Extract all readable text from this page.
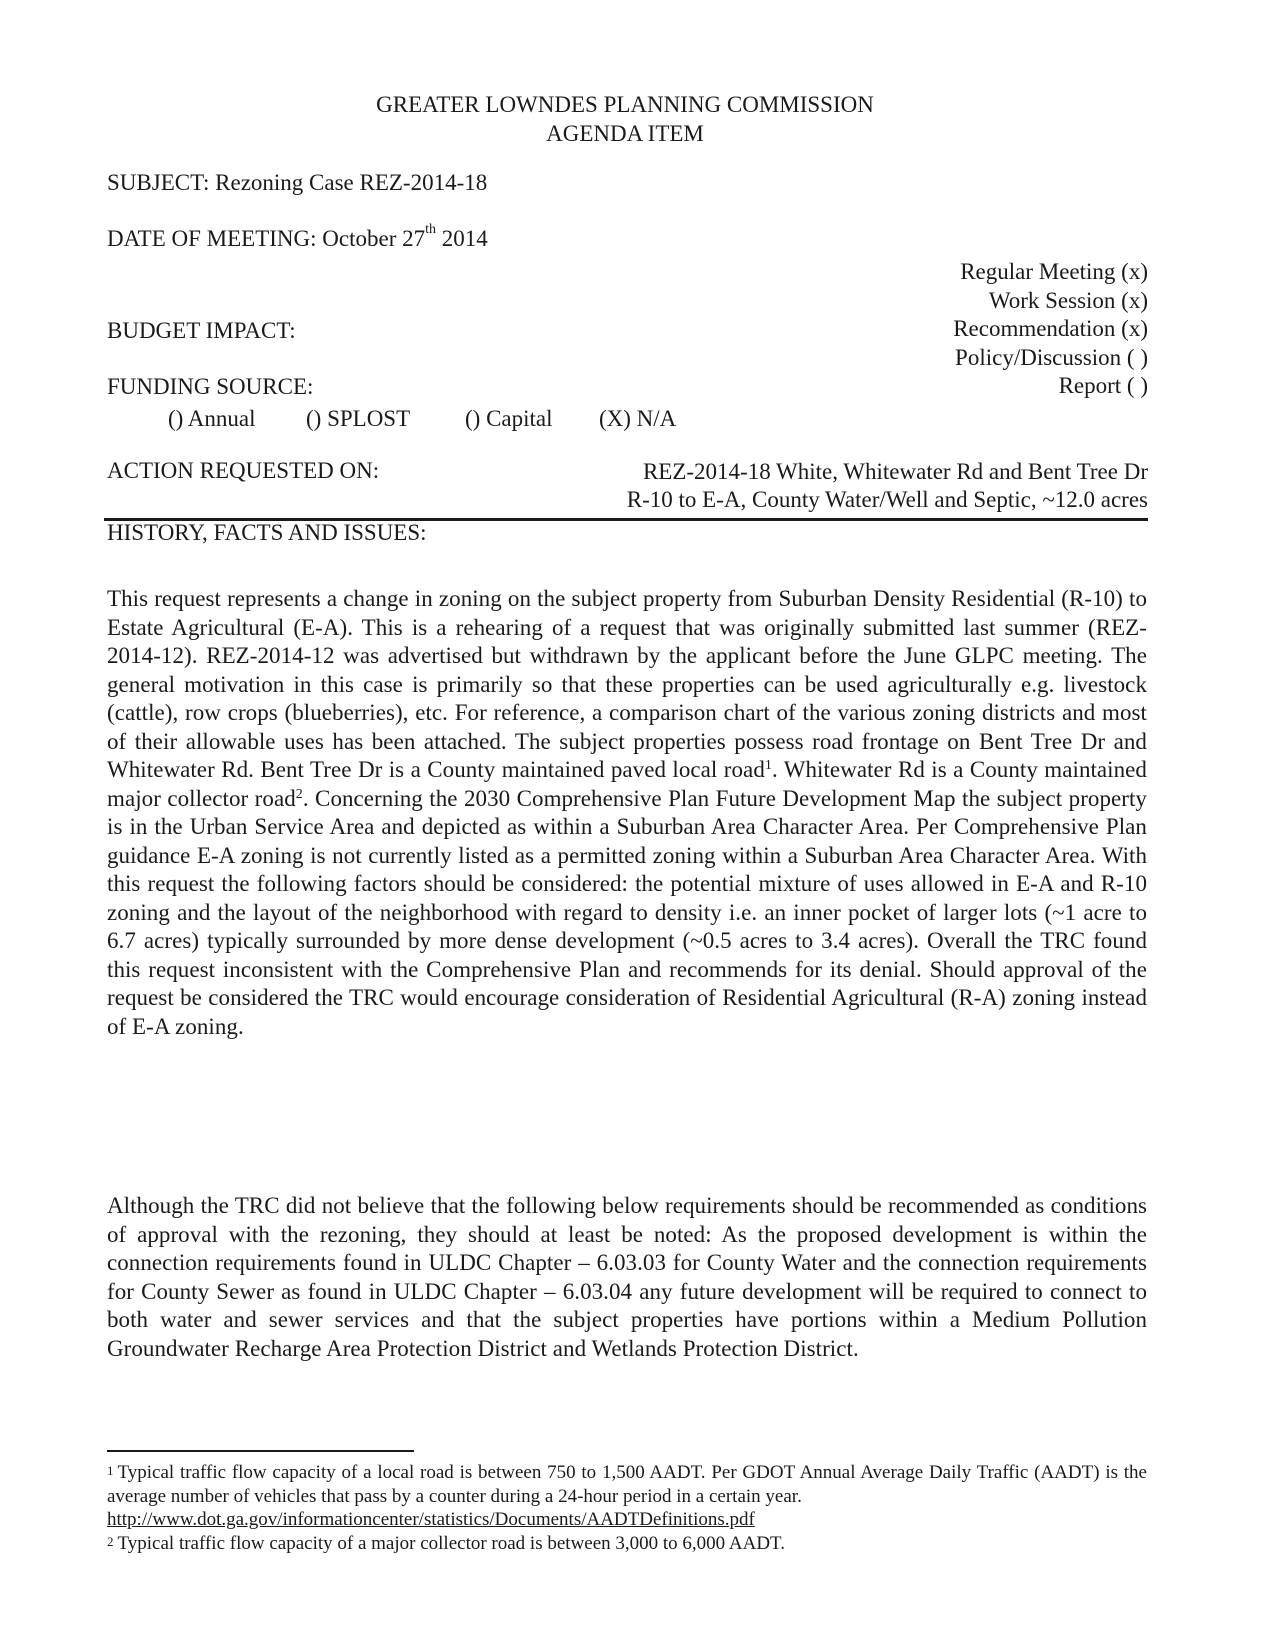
GREATER LOWNDES PLANNING COMMISSION
AGENDA ITEM
SUBJECT: Rezoning Case REZ-2014-18
DATE OF MEETING: October 27th 2014
Regular Meeting (x)
Work Session (x)
Recommendation (x)
Policy/Discussion ( )
Report ( )
BUDGET IMPACT:
FUNDING SOURCE:
() Annual () SPLOST () Capital (X) N/A
ACTION REQUESTED ON:	REZ-2014-18 White, Whitewater Rd and Bent Tree Dr
R-10 to E-A, County Water/Well and Septic, ~12.0 acres
HISTORY, FACTS AND ISSUES:
This request represents a change in zoning on the subject property from Suburban Density Residential (R-10) to Estate Agricultural (E-A). This is a rehearing of a request that was originally submitted last summer (REZ-2014-12). REZ-2014-12 was advertised but withdrawn by the applicant before the June GLPC meeting. The general motivation in this case is primarily so that these properties can be used agriculturally e.g. livestock (cattle), row crops (blueberries), etc. For reference, a comparison chart of the various zoning districts and most of their allowable uses has been attached. The subject properties possess road frontage on Bent Tree Dr and Whitewater Rd. Bent Tree Dr is a County maintained paved local road$^1$. Whitewater Rd is a County maintained major collector road$^2$. Concerning the 2030 Comprehensive Plan Future Development Map the subject property is in the Urban Service Area and depicted as within a Suburban Area Character Area. Per Comprehensive Plan guidance E-A zoning is not currently listed as a permitted zoning within a Suburban Area Character Area. With this request the following factors should be considered: the potential mixture of uses allowed in E-A and R-10 zoning and the layout of the neighborhood with regard to density i.e. an inner pocket of larger lots (~1 acre to 6.7 acres) typically surrounded by more dense development (~0.5 acres to 3.4 acres). Overall the TRC found this request inconsistent with the Comprehensive Plan and recommends for its denial. Should approval of the request be considered the TRC would encourage consideration of Residential Agricultural (R-A) zoning instead of E-A zoning.
Although the TRC did not believe that the following below requirements should be recommended as conditions of approval with the rezoning, they should at least be noted: As the proposed development is within the connection requirements found in ULDC Chapter – 6.03.03 for County Water and the connection requirements for County Sewer as found in ULDC Chapter – 6.03.04 any future development will be required to connect to both water and sewer services and that the subject properties have portions within a Medium Pollution Groundwater Recharge Area Protection District and Wetlands Protection District.

$^1$ Typical traffic flow capacity of a local road is between 750 to 1,500 AADT. Per GDOT Annual Average Daily Traffic (AADT) is the average number of vehicles that pass by a counter during a 24-hour period in a certain year.
http://www.dot.ga.gov/informationcenter/statistics/Documents/AADTDefinitions.pdf

$^2$ Typical traffic flow capacity of a major collector road is between 3,000 to 6,000 AADT.
